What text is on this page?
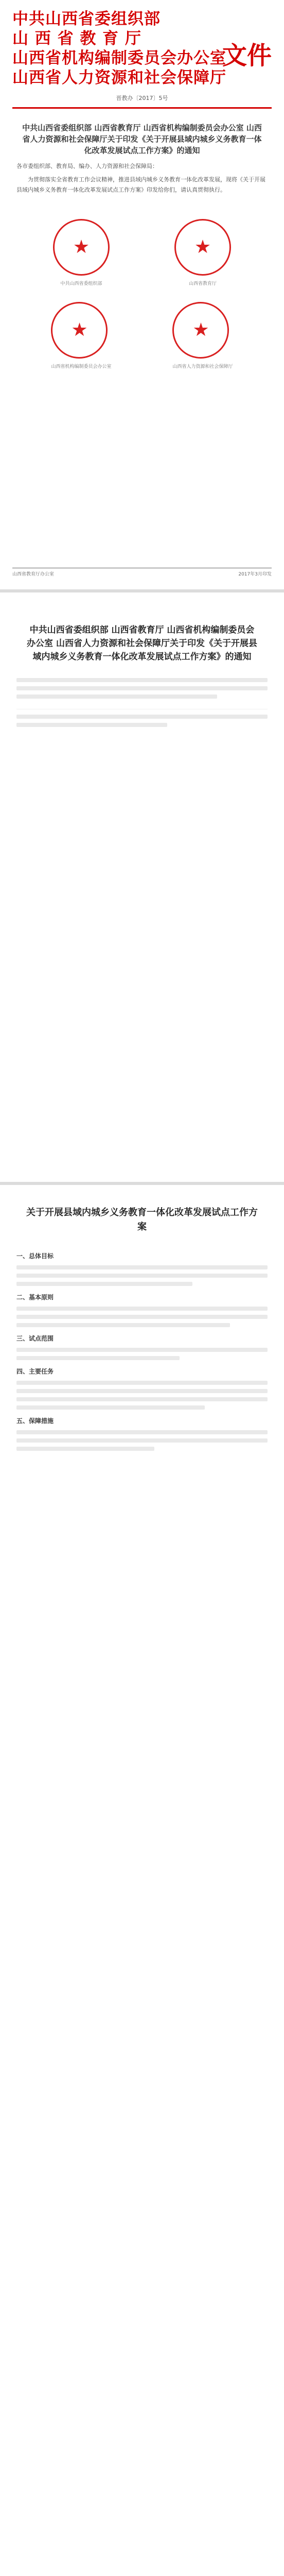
中共山西省委组织部
山 西 省 教 育 厅
山西省机构编制委员会办公室
山西省人力资源和社会保障厅
文件
晋教办〔2017〕5号
中共山西省委组织部 山西省教育厅 山西省机构编制委员会办公室 山西省人力资源和社会保障厅关于印发《关于开展县域内城乡义务教育一体化改革发展试点工作方案》的通知

各市委组织部、教育局、编办、人力资源和社会保障局：

为贯彻落实全省教育工作会议精神，推进县域内城乡义务教育一体化改革发展，现将《关于开展县域内城乡义务教育一体化改革发展试点工作方案》印发给你们，请认真贯彻执行。

★
中共山西省委组织部
★
山西省教育厅
★
山西省机构编制委员会办公室
★
山西省人力资源和社会保障厅
山西省教育厅办公室	2017年3月印发
中共山西省委组织部 山西省教育厅 山西省机构编制委员会办公室 山西省人力资源和社会保障厅关于印发《关于开展县域内城乡义务教育一体化改革发展试点工作方案》的通知
关于开展县域内城乡义务教育一体化改革发展试点工作方案
一、总体目标
二、基本原则
三、试点范围
四、主要任务
五、保障措施
